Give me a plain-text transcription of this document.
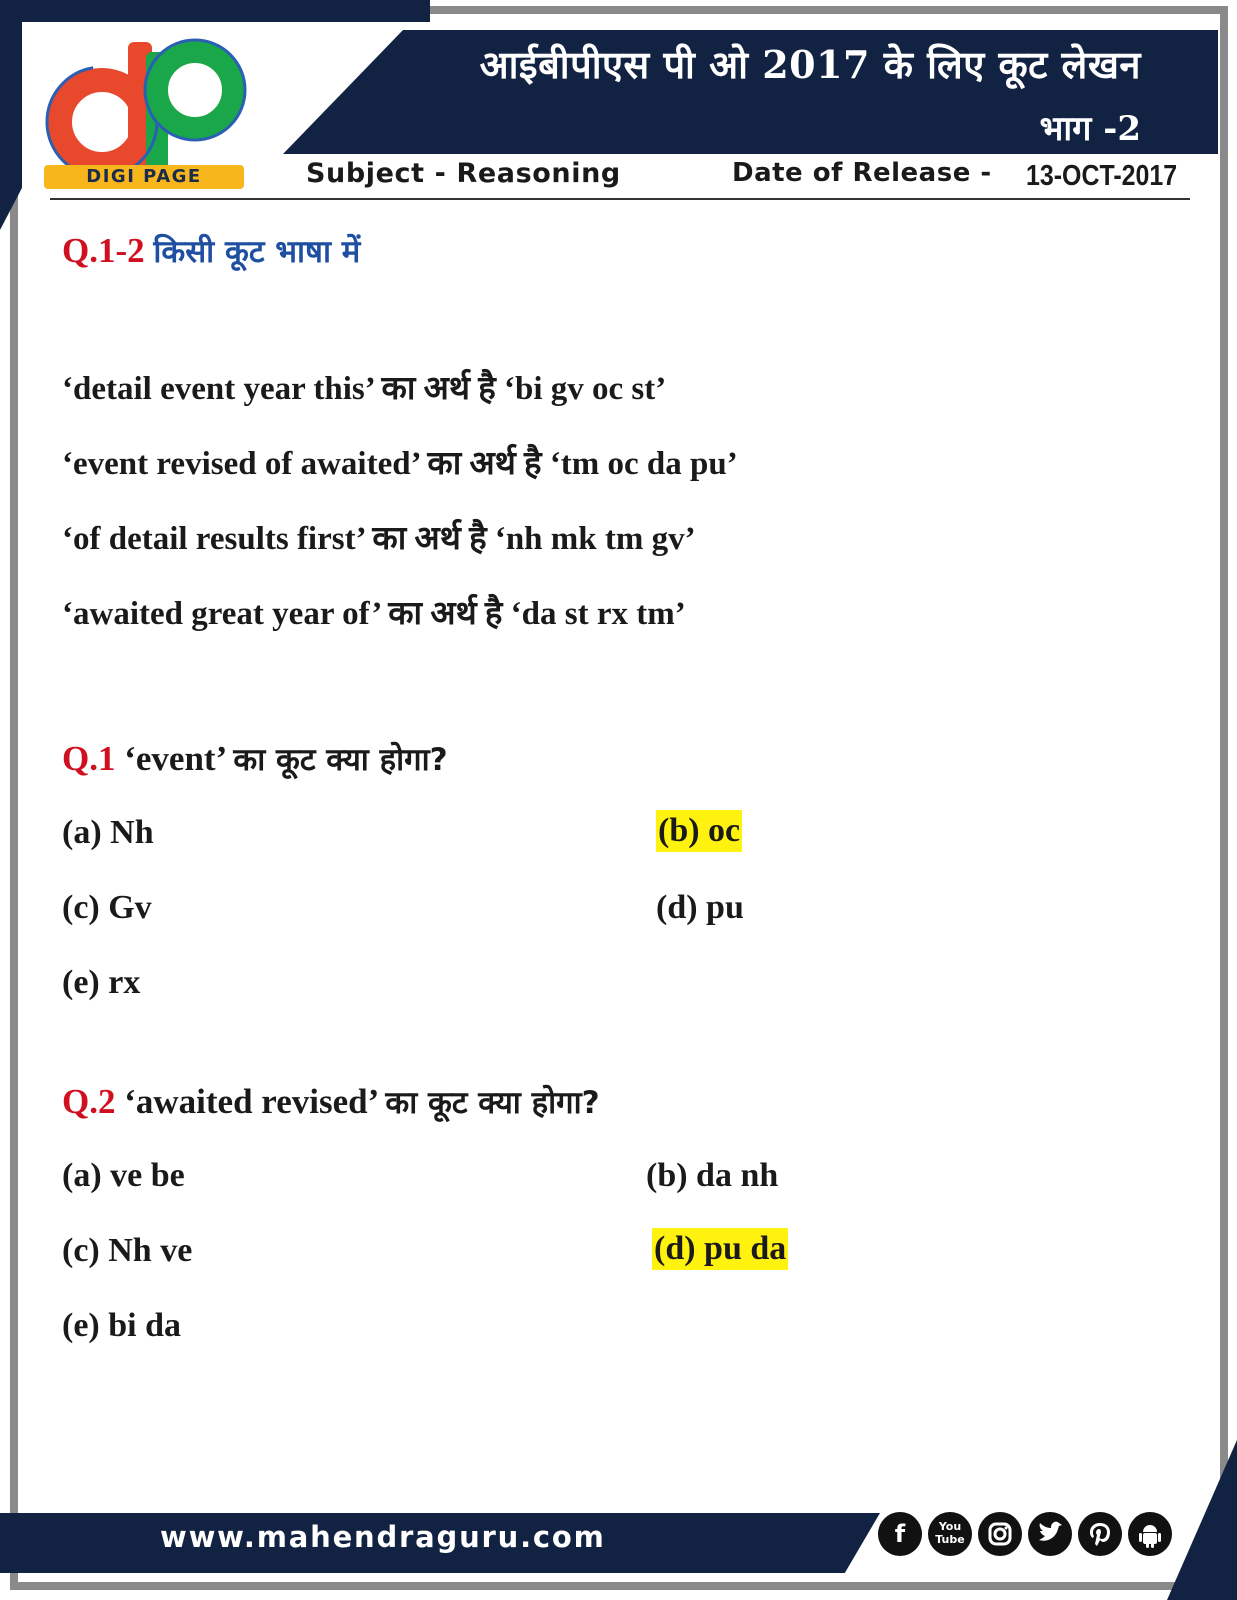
आईबीपीएस पी ओ 2017 के लिए कूट लेखन
भाग -2
DIGI PAGE	Subject - Reasoning	Date of Release - 13-OCT-2017
Q.1-2 किसी कूट भाषा में
‘detail event year this’ का अर्थ है ‘bi gv oc st’
‘event revised of awaited’ का अर्थ है ‘tm oc da pu’
‘of detail results first’ का अर्थ है ‘nh mk tm gv’
‘awaited great year of’ का अर्थ है ‘da st rx tm’
Q.1 ‘event’ का कूट क्या होगा?
(a) Nh	(b) oc
(c) Gv	(d) pu
(e) rx
Q.2 ‘awaited revised’ का कूट क्या होगा?
(a) ve be	(b) da nh
(c) Nh ve	(d) pu da
(e) bi da
www.mahendraguru.com	f	You Tube
